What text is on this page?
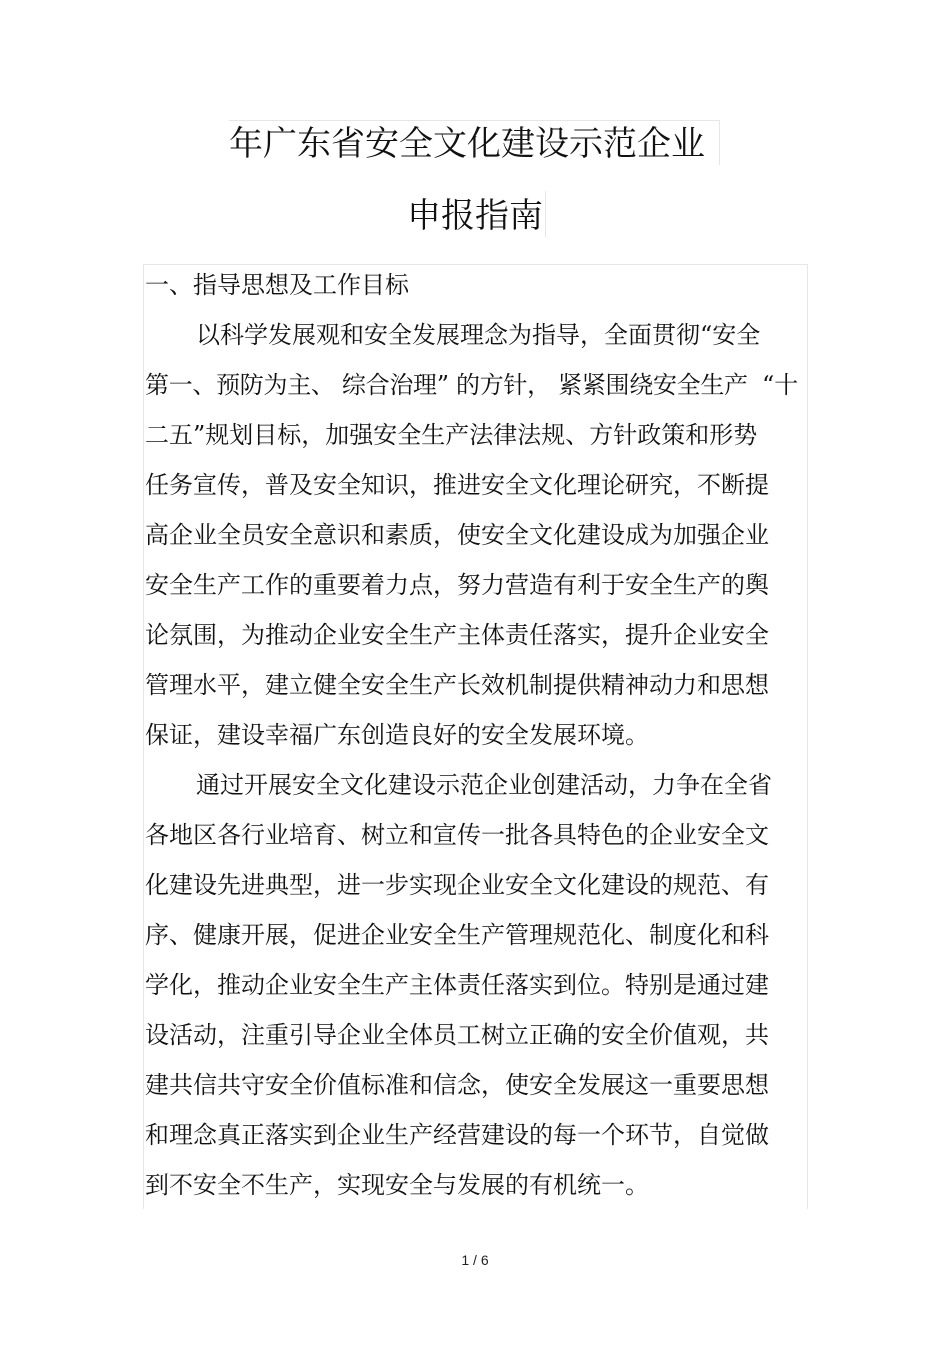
年广东省安全文化建设示范企业
申报指南
一、指导思想及工作目标
以科学发展观和安全发展理念为指导，全面贯彻“安全
第一、预防为主、 综合治理” 的方针， 紧紧围绕安全生产 “十
二五”规划目标，加强安全生产法律法规、方针政策和形势
任务宣传，普及安全知识，推进安全文化理论研究，不断提
高企业全员安全意识和素质，使安全文化建设成为加强企业
安全生产工作的重要着力点，努力营造有利于安全生产的舆
论氛围，为推动企业安全生产主体责任落实，提升企业安全
管理水平，建立健全安全生产长效机制提供精神动力和思想
保证，建设幸福广东创造良好的安全发展环境。
通过开展安全文化建设示范企业创建活动，力争在全省
各地区各行业培育、树立和宣传一批各具特色的企业安全文
化建设先进典型，进一步实现企业安全文化建设的规范、有
序、健康开展，促进企业安全生产管理规范化、制度化和科
学化，推动企业安全生产主体责任落实到位。特别是通过建
设活动，注重引导企业全体员工树立正确的安全价值观，共
建共信共守安全价值标准和信念，使安全发展这一重要思想
和理念真正落实到企业生产经营建设的每一个环节，自觉做
到不安全不生产，实现安全与发展的有机统一。
1 / 6
